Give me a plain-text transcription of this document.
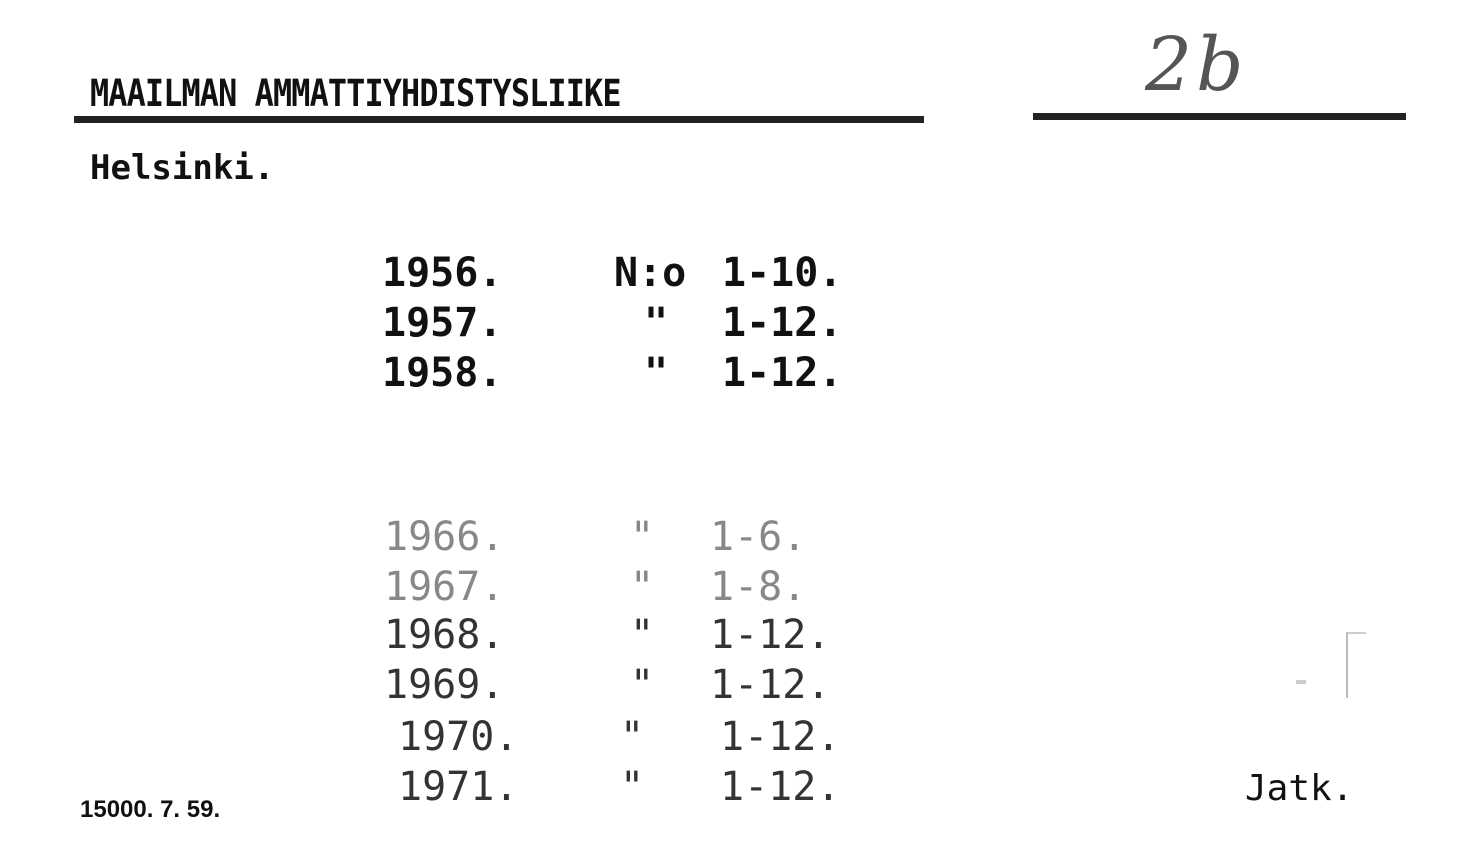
MAAILMAN AMMATTIYHDISTYSLIIKE	2b
Helsinki.
1956.	N:o 1-10.
1957.	" 1-12.
1958.	" 1-12.
1966.	" 1-6.
1967.	" 1-8.
1968.	" 1-12.
1969.	" 1-12.
1970.	" 1-12.
1971.	" 1-12.
15000. 7. 59.
Jatk.
